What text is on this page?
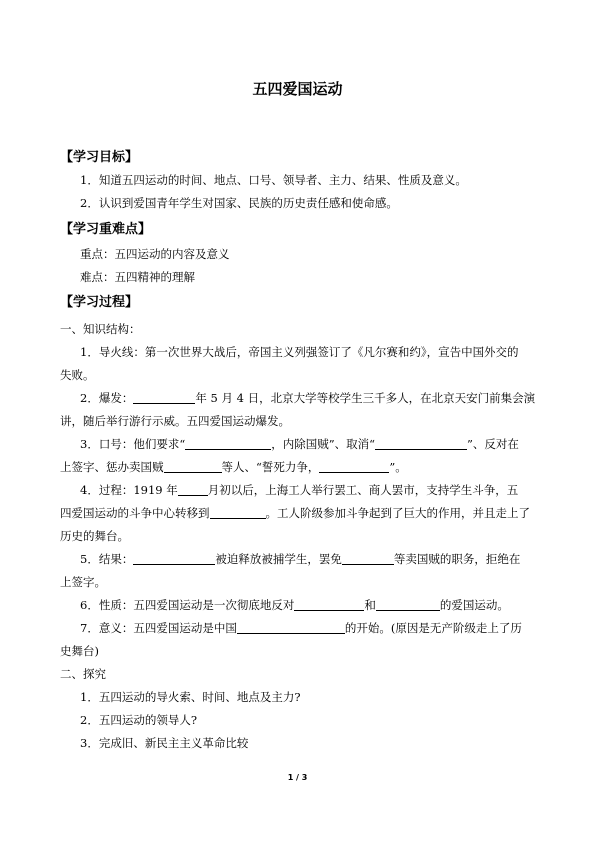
五四爱国运动
【学习目标】
1．知道五四运动的时间、地点、口号、领导者、主力、结果、性质及意义。
2．认识到爱国青年学生对国家、民族的历史责任感和使命感。
【学习重难点】
重点：五四运动的内容及意义
难点：五四精神的理解
【学习过程】
一、知识结构：
1．导火线：第一次世界大战后，帝国主义列强签订了《凡尔赛和约》，宣告中国外交的
失败。
2．爆发：	年 5 月 4 日，北京大学等校学生三千多人，在北京天安门前集会演
讲，随后举行游行示威。五四爱国运动爆发。
3．口号：他们要求“	，内除国贼”、取消“	”、反对在
上签字、惩办卖国贼	等人、“誓死力争，	”。
4．过程：1919 年	月初以后，上海工人举行罢工、商人罢市，支持学生斗争，五
四爱国运动的斗争中心转移到	。工人阶级参加斗争起到了巨大的作用，并且走上了
历史的舞台。
5．结果：	被迫释放被捕学生，罢免	等卖国贼的职务，拒绝在
上签字。
6．性质：五四爱国运动是一次彻底地反对	和	的爱国运动。
7．意义：五四爱国运动是中国	的开始。(原因是无产阶级走上了历
史舞台)
二、探究
1．五四运动的导火索、时间、地点及主力?
2．五四运动的领导人?
3．完成旧、新民主主义革命比较
1 / 3
